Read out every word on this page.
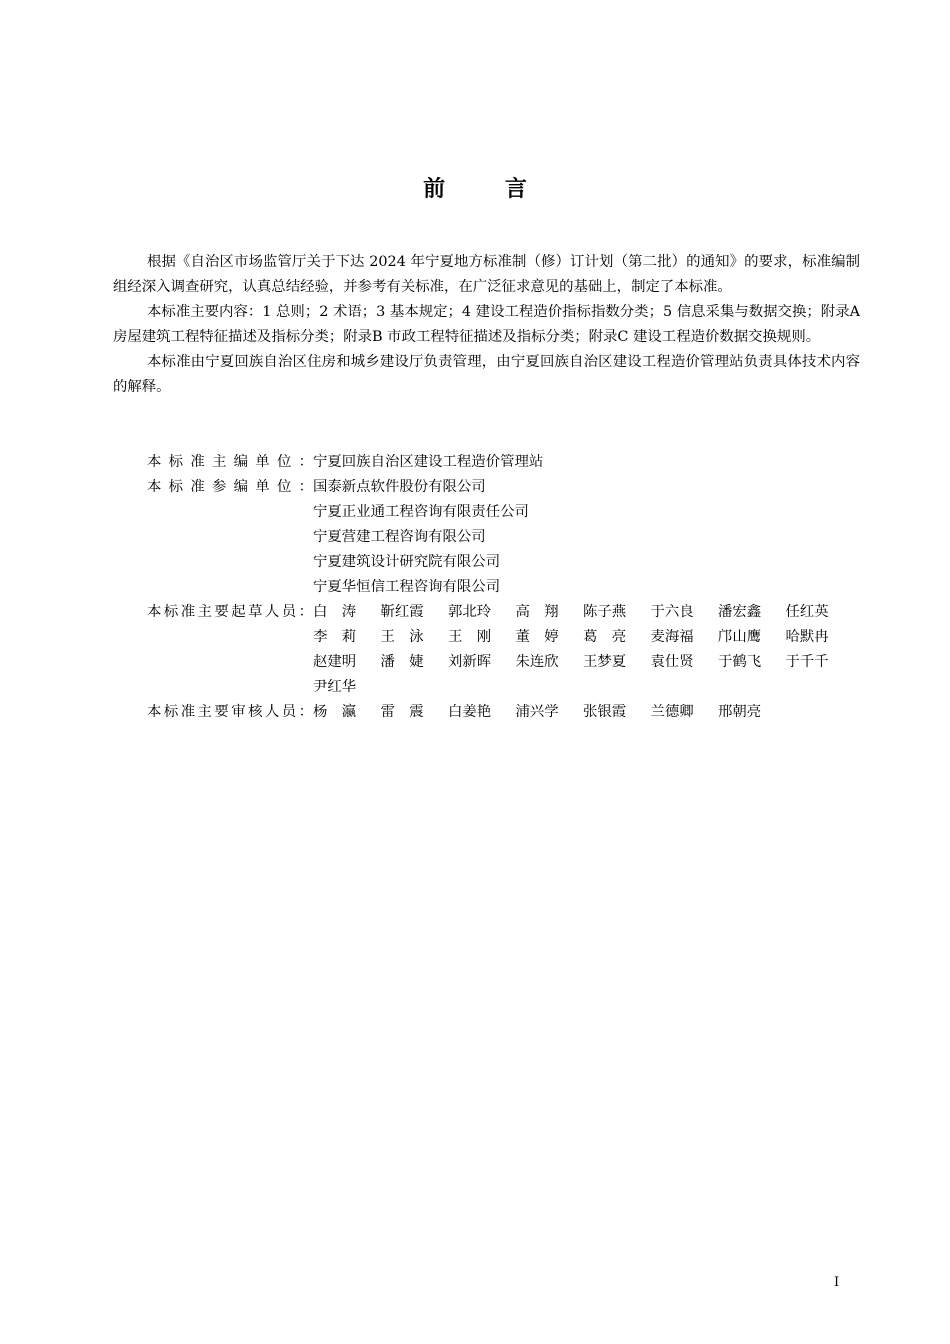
前 言

根据《自治区市场监管厅关于下达 2024 年宁夏地方标准制（修）订计划（第二批）的通知》的要求，标准编制组经深入调查研究，认真总结经验，并参考有关标准，在广泛征求意见的基础上，制定了本标准。

本标准主要内容：1 总则；2 术语；3 基本规定；4 建设工程造价指标指数分类；5 信息采集与数据交换；附录A 房屋建筑工程特征描述及指标分类；附录B 市政工程特征描述及指标分类；附录C 建设工程造价数据交换规则。

本标准由宁夏回族自治区住房和城乡建设厅负责管理，由宁夏回族自治区建设工程造价管理站负责具体技术内容的解释。

本标准主编单位： 宁夏回族自治区建设工程造价管理站
本标准参编单位： 国泰新点软件股份有限公司
宁夏正业通工程咨询有限责任公司
宁夏营建工程咨询有限公司
宁夏建筑设计研究院有限公司
宁夏华恒信工程咨询有限公司
本标准主要起草人员： 白　涛	靳红霞	郭北玲	高　翔	陈子燕	于六良	潘宏鑫	任红英
李　莉	王　泳	王　刚	董　婷	葛　亮	麦海福	邝山鹰	哈默冉
赵建明	潘　婕	刘新晖	朱连欣	王梦夏	袁仕贤	于鹤飞	于千千
尹红华
本标准主要审核人员： 杨　瀛	雷　震	白姜艳	浦兴学	张银霞	兰德卿	邢朝亮
I
